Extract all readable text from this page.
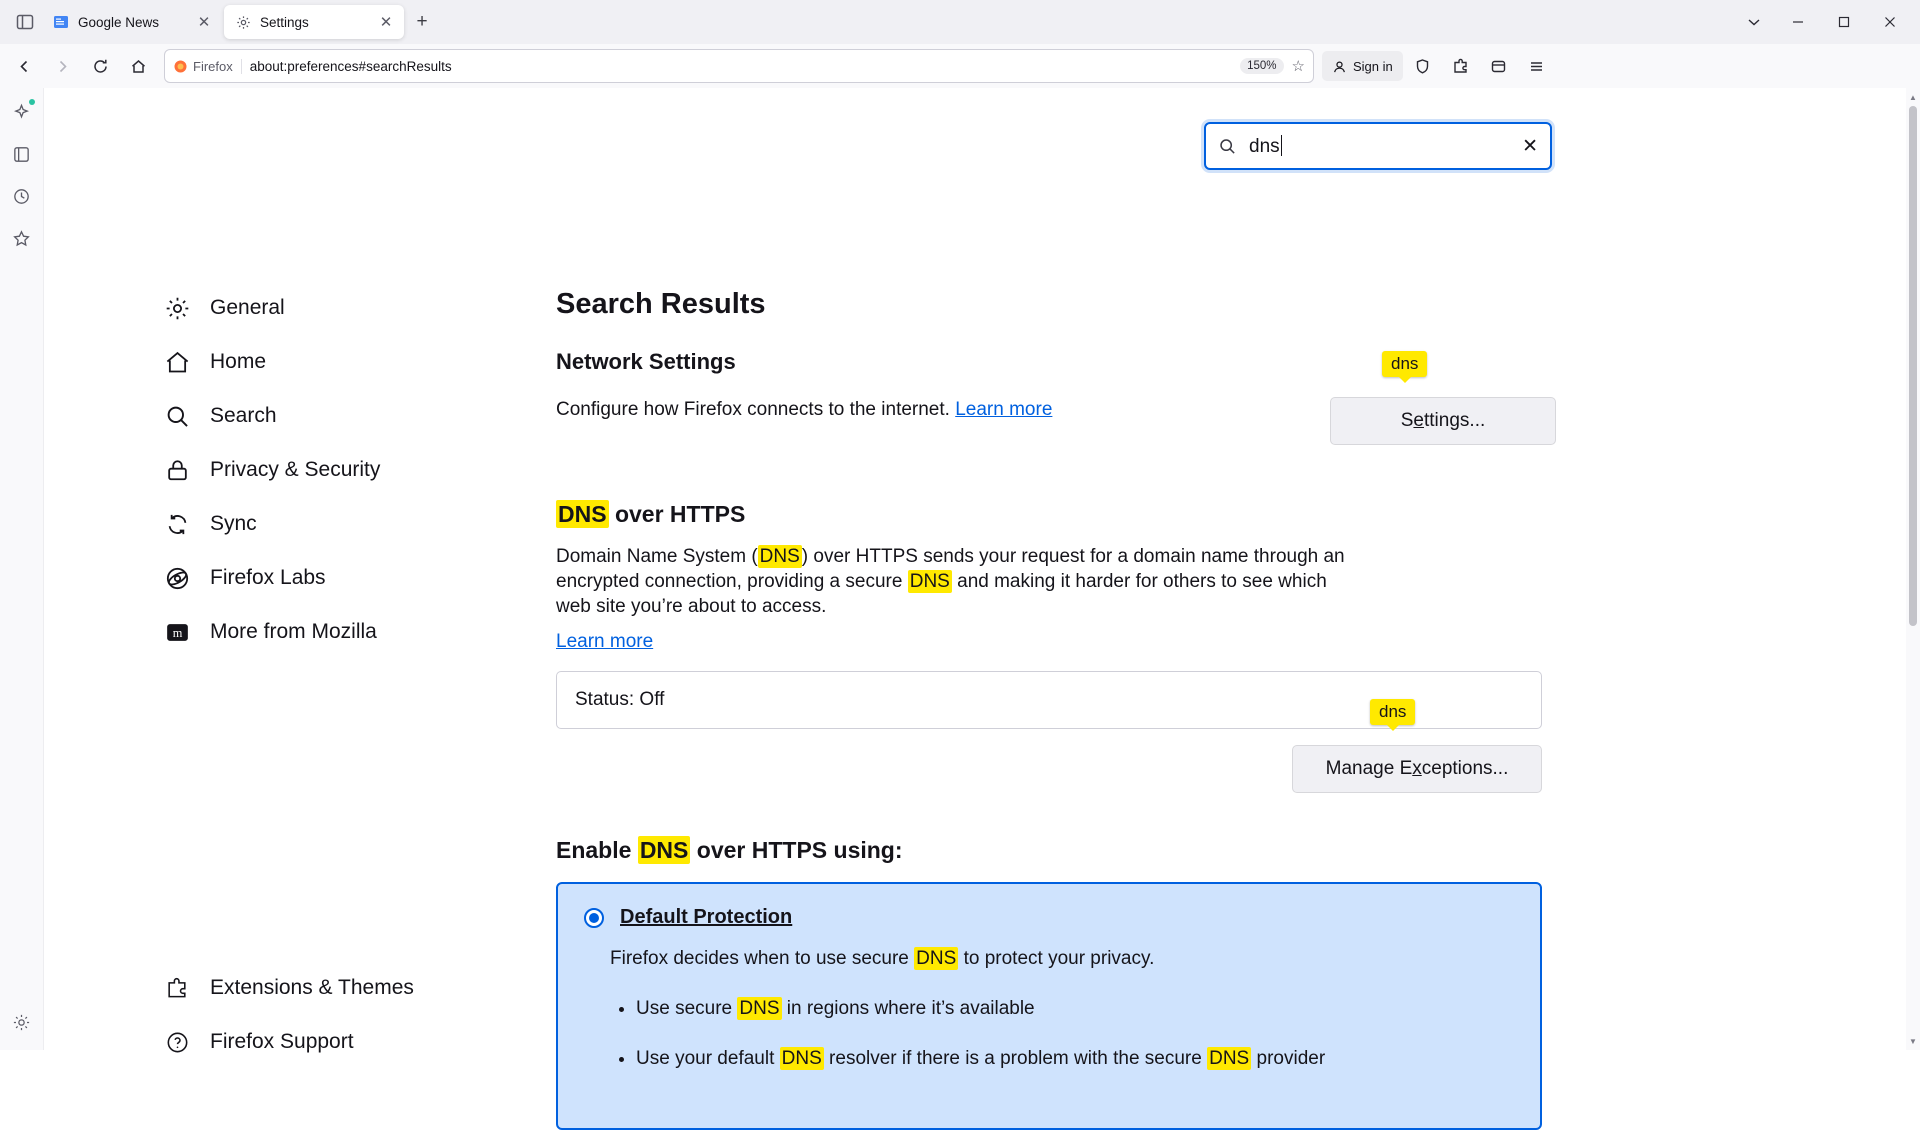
Google News	✕	Settings	✕	+
Firefox about:preferences#searchResults	150%	☆	Sign in
dns	✕
General
Home
Search
Privacy & Security
Sync
Firefox Labs
m More from Mozilla
Extensions & Themes
Firefox Support
Search Results
Network Settings
Configure how Firefox connects to the internet. Learn more
dns
Settings...
DNS over HTTPS
Domain Name System ( DNS ) over HTTPS sends your request for a domain name through an encrypted connection, providing a secure DNS and making it harder for others to see which web site you’re about to access.
Learn more
Status: Off
dns
Manage Exceptions...
Enable DNS over HTTPS using:
Default Protection
Firefox decides when to use secure DNS to protect your privacy.
• Use secure DNS in regions where it’s available
• Use your default DNS resolver if there is a problem with the secure DNS provider
▲
▼
